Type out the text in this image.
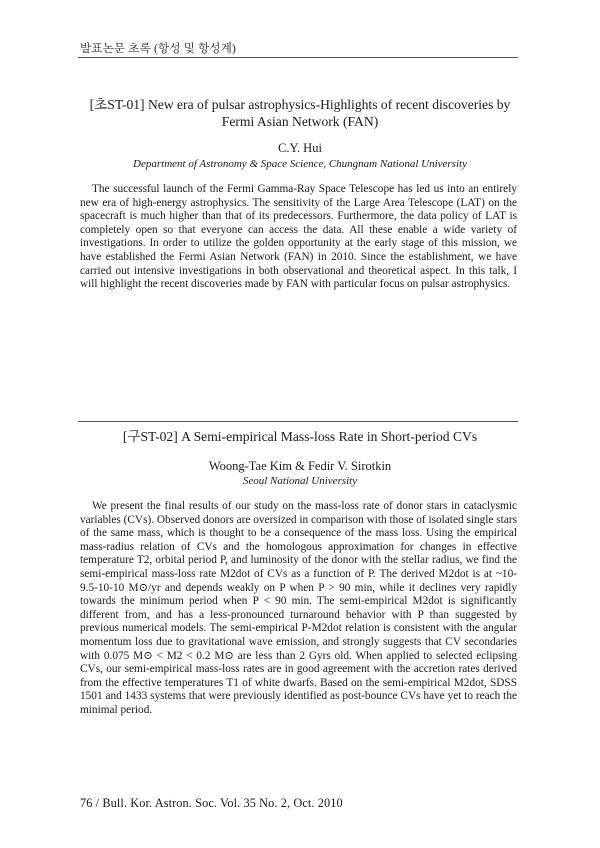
발표논문 초록 (항성 및 항성계)
[초ST-01] New era of pulsar astrophysics-Highlights of recent discoveries by Fermi Asian Network (FAN)
C.Y. Hui
Department of Astronomy & Space Science, Chungnam National University

The successful launch of the Fermi Gamma-Ray Space Telescope has led us into an entirely new era of high-energy astrophysics. The sensitivity of the Large Area Telescope (LAT) on the spacecraft is much higher than that of its predecessors. Furthermore, the data policy of LAT is completely open so that everyone can access the data. All these enable a wide variety of investigations. In order to utilize the golden opportunity at the early stage of this mission, we have established the Fermi Asian Network (FAN) in 2010. Since the establishment, we have carried out intensive investigations in both observational and theoretical aspect. In this talk, I will highlight the recent discoveries made by FAN with particular focus on pulsar astrophysics.

[구ST-02] A Semi-empirical Mass-loss Rate in Short-period CVs
Woong-Tae Kim & Fedir V. Sirotkin
Seoul National University

We present the final results of our study on the mass-loss rate of donor stars in cataclysmic variables (CVs). Observed donors are oversized in comparison with those of isolated single stars of the same mass, which is thought to be a consequence of the mass loss. Using the empirical mass-radius relation of CVs and the homologous approximation for changes in effective temperature T2, orbital period P, and luminosity of the donor with the stellar radius, we find the semi-empirical mass-loss rate M2dot of CVs as a function of P. The derived M2dot is at ~10-9.5-10-10 M⊙/yr and depends weakly on P when P > 90 min, while it declines very rapidly towards the minimum period when P < 90 min. The semi-empirical M2dot is significantly different from, and has a less-pronounced turnaround behavior with P than suggested by previous numerical models. The semi-empirical P-M2dot relation is consistent with the angular momentum loss due to gravitational wave emission, and strongly suggests that CV secondaries with 0.075 M⊙ < M2 < 0.2 M⊙ are less than 2 Gyrs old. When applied to selected eclipsing CVs, our semi-empirical mass-loss rates are in good agreement with the accretion rates derived from the effective temperatures T1 of white dwarfs. Based on the semi-empirical M2dot, SDSS 1501 and 1433 systems that were previously identified as post-bounce CVs have yet to reach the minimal period.

76 / Bull. Kor. Astron. Soc. Vol. 35 No. 2, Oct. 2010
